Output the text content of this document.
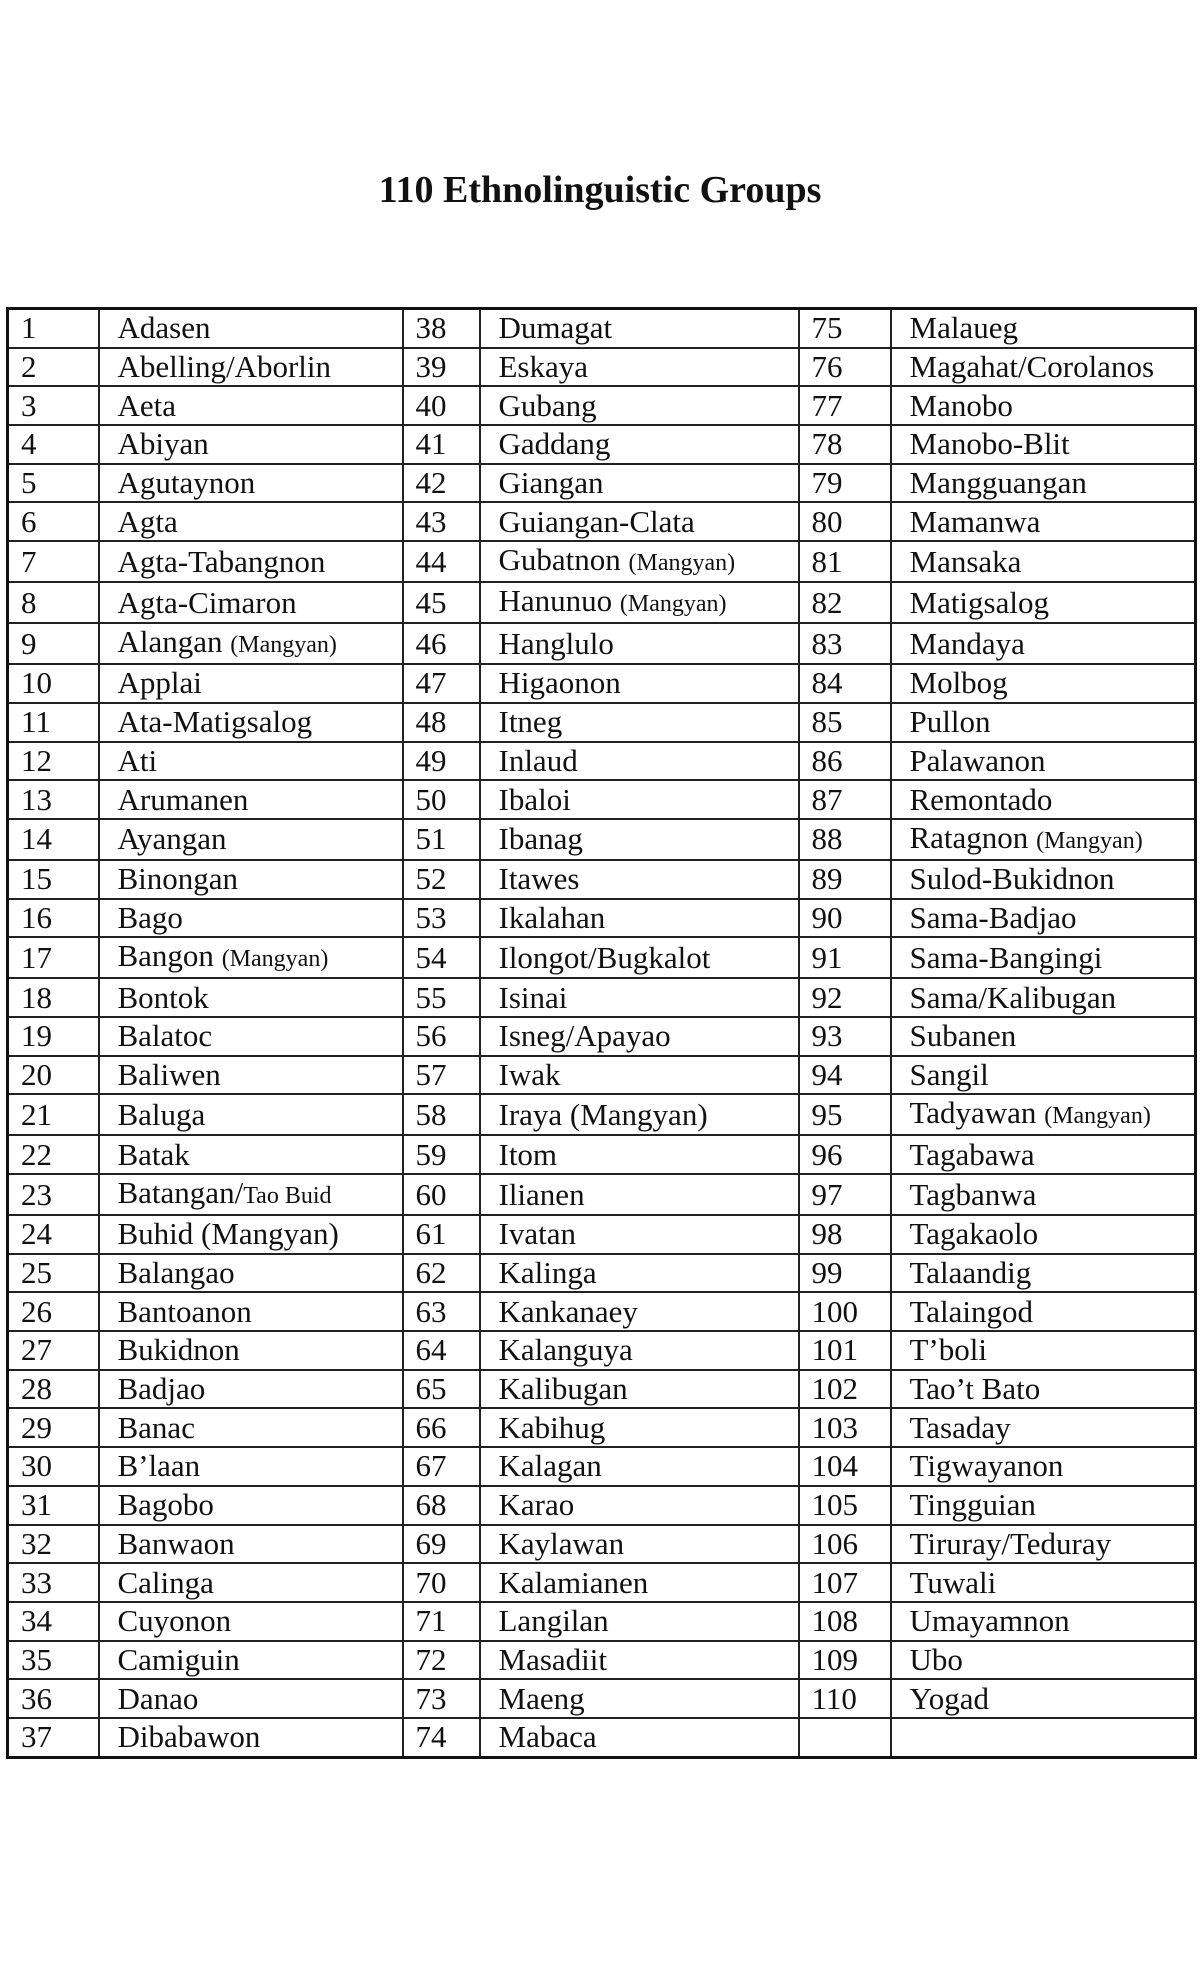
110 Ethnolinguistic Groups
1	Adasen	38	Dumagat	75	Malaueg
2	Abelling/Aborlin	39	Eskaya	76	Magahat/Corolanos
3	Aeta	40	Gubang	77	Manobo
4	Abiyan	41	Gaddang	78	Manobo-Blit
5	Agutaynon	42	Giangan	79	Mangguangan
6	Agta	43	Guiangan-Clata	80	Mamanwa
7	Agta-Tabangnon	44	Gubatnon (Mangyan)	81	Mansaka
8	Agta-Cimaron	45	Hanunuo (Mangyan)	82	Matigsalog
9	Alangan (Mangyan)	46	Hanglulo	83	Mandaya
10	Applai	47	Higaonon	84	Molbog
11	Ata-Matigsalog	48	Itneg	85	Pullon
12	Ati	49	Inlaud	86	Palawanon
13	Arumanen	50	Ibaloi	87	Remontado
14	Ayangan	51	Ibanag	88	Ratagnon (Mangyan)
15	Binongan	52	Itawes	89	Sulod-Bukidnon
16	Bago	53	Ikalahan	90	Sama-Badjao
17	Bangon (Mangyan)	54	Ilongot/Bugkalot	91	Sama-Bangingi
18	Bontok	55	Isinai	92	Sama/Kalibugan
19	Balatoc	56	Isneg/Apayao	93	Subanen
20	Baliwen	57	Iwak	94	Sangil
21	Baluga	58	Iraya (Mangyan)	95	Tadyawan (Mangyan)
22	Batak	59	Itom	96	Tagabawa
23	Batangan/Tao Buid	60	Ilianen	97	Tagbanwa
24	Buhid (Mangyan)	61	Ivatan	98	Tagakaolo
25	Balangao	62	Kalinga	99	Talaandig
26	Bantoanon	63	Kankanaey	100	Talaingod
27	Bukidnon	64	Kalanguya	101	T’boli
28	Badjao	65	Kalibugan	102	Tao’t Bato
29	Banac	66	Kabihug	103	Tasaday
30	B’laan	67	Kalagan	104	Tigwayanon
31	Bagobo	68	Karao	105	Tingguian
32	Banwaon	69	Kaylawan	106	Tiruray/Teduray
33	Calinga	70	Kalamianen	107	Tuwali
34	Cuyonon	71	Langilan	108	Umayamnon
35	Camiguin	72	Masadiit	109	Ubo
36	Danao	73	Maeng	110	Yogad
37	Dibabawon	74	Mabaca		
